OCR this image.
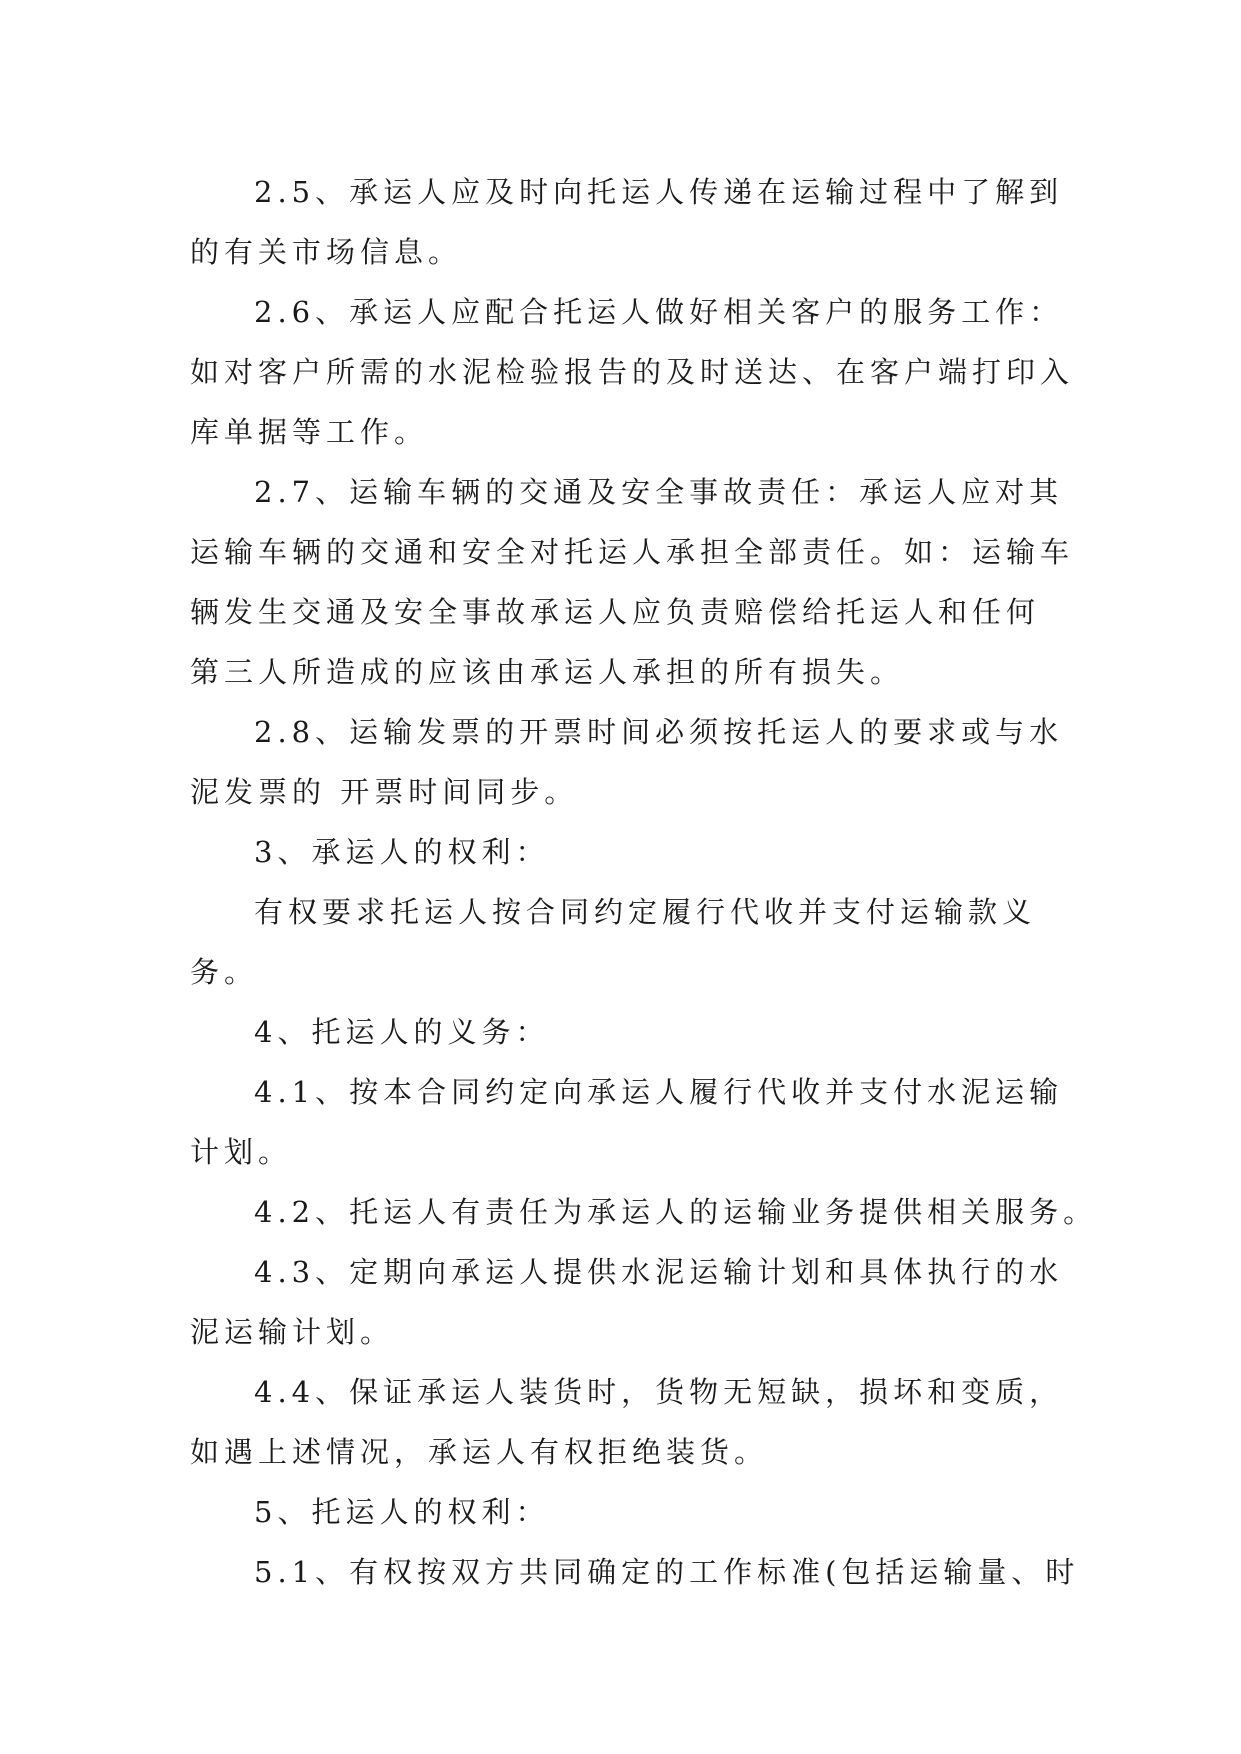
2.5、承运人应及时向托运人传递在运输过程中了解到
的有关市场信息。
2.6、承运人应配合托运人做好相关客户的服务工作：
如对客户所需的水泥检验报告的及时送达、在客户端打印入
库单据等工作。
2.7、运输车辆的交通及安全事故责任：承运人应对其
运输车辆的交通和安全对托运人承担全部责任。如：运输车
辆发生交通及安全事故承运人应负责赔偿给托运人和任何
第三人所造成的应该由承运人承担的所有损失。
2.8、运输发票的开票时间必须按托运人的要求或与水
泥发票的 开票时间同步。
3、承运人的权利：
有权要求托运人按合同约定履行代收并支付运输款义
务。
4、托运人的义务：
4.1、按本合同约定向承运人履行代收并支付水泥运输
计划。
4.2、托运人有责任为承运人的运输业务提供相关服务。
4.3、定期向承运人提供水泥运输计划和具体执行的水
泥运输计划。
4.4、保证承运人装货时，货物无短缺，损坏和变质，
如遇上述情况，承运人有权拒绝装货。
5、托运人的权利：
5.1、有权按双方共同确定的工作标准(包括运输量、时
